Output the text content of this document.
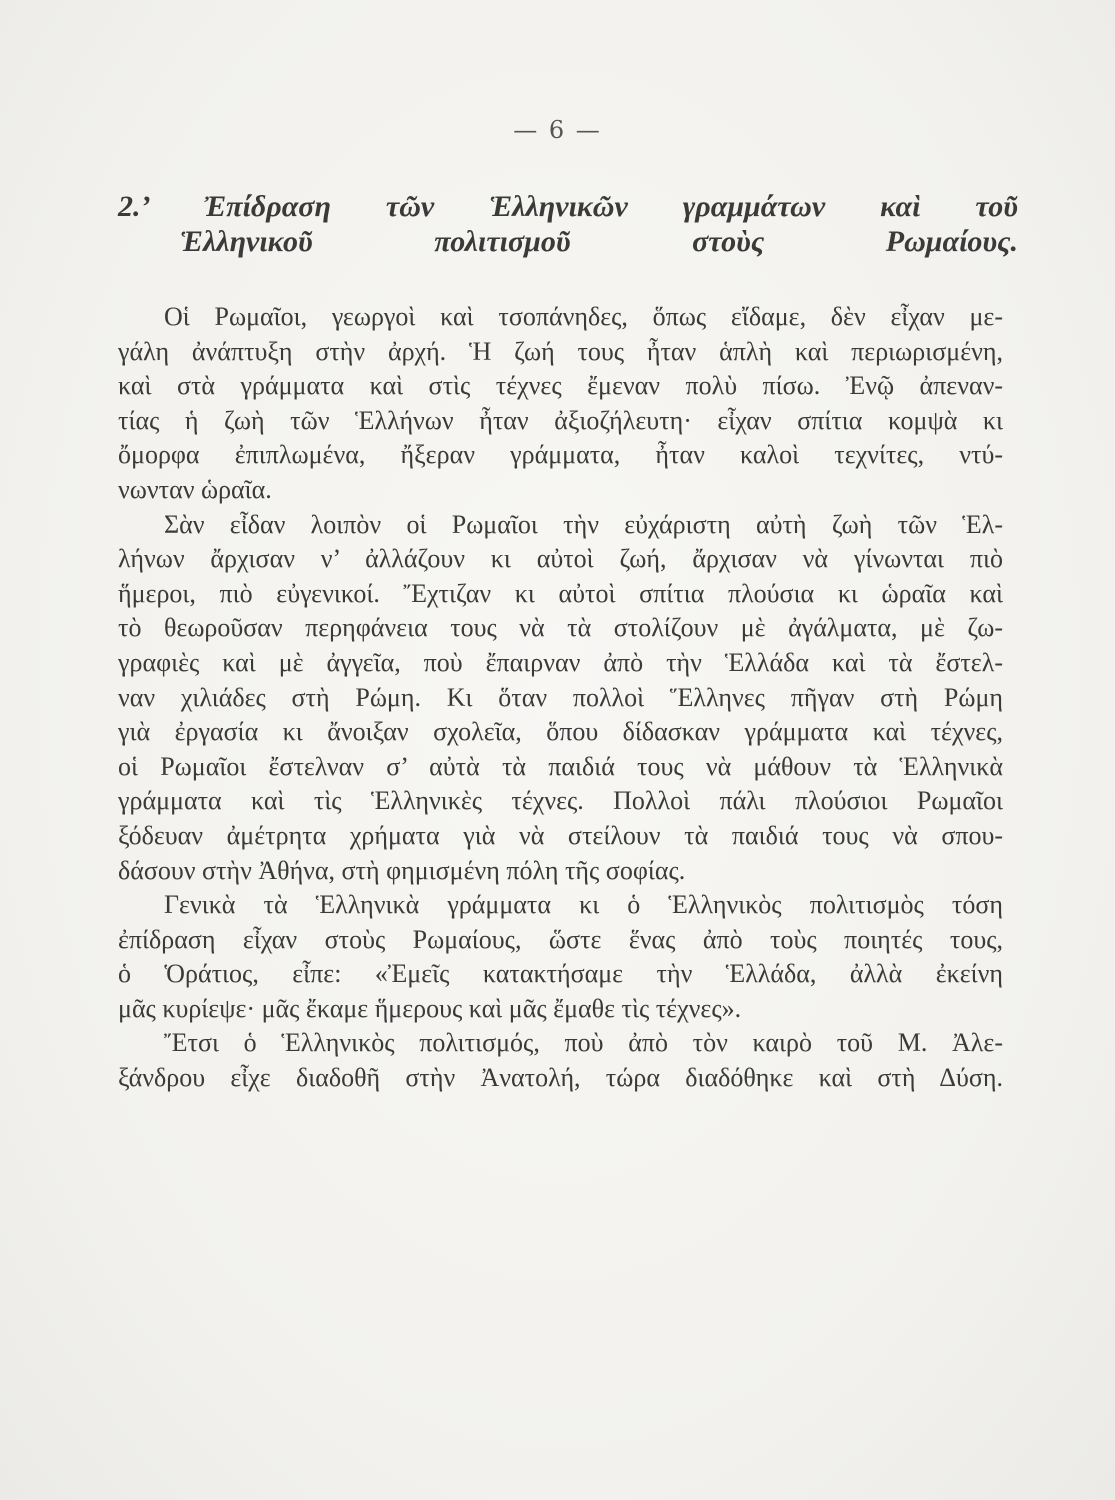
— 6 —
2.’ Ἐπίδραση τῶν Ἑλληνικῶν γραμμάτων καὶ τοῦ
Ἑλληνικοῦ πολιτισμοῦ στοὺς Ρωμαίους.
Οἱ Ρωμαῖοι, γεωργοὶ καὶ τσοπάνηδες, ὅπως εἴδαμε, δὲν εἶχαν με-
γάλη ἀνάπτυξη στὴν ἀρχή. Ἡ ζωή τους ἦταν ἁπλὴ καὶ περιωρισμένη,
καὶ στὰ γράμματα καὶ στὶς τέχνες ἔμεναν πολὺ πίσω. Ἐνῷ ἀπεναν-
τίας ἡ ζωὴ τῶν Ἑλλήνων ἦταν ἀξιοζήλευτη· εἶχαν σπίτια κομψὰ κι
ὄμορφα ἐπιπλωμένα, ἤξεραν γράμματα, ἦταν καλοὶ τεχνίτες, ντύ-
νωνταν ὡραῖα.
Σὰν εἶδαν λοιπὸν οἱ Ρωμαῖοι τὴν εὐχάριστη αὐτὴ ζωὴ τῶν Ἑλ-
λήνων ἄρχισαν ν’ ἀλλάζουν κι αὐτοὶ ζωή, ἄρχισαν νὰ γίνωνται πιὸ
ἥμεροι, πιὸ εὐγενικοί. Ἔχτιζαν κι αὐτοὶ σπίτια πλούσια κι ὡραῖα καὶ
τὸ θεωροῦσαν περηφάνεια τους νὰ τὰ στολίζουν μὲ ἀγάλματα, μὲ ζω-
γραφιὲς καὶ μὲ ἀγγεῖα, ποὺ ἔπαιρναν ἀπὸ τὴν Ἑλλάδα καὶ τὰ ἔστελ-
ναν χιλιάδες στὴ Ρώμη. Κι ὅταν πολλοὶ Ἕλληνες πῆγαν στὴ Ρώμη
γιὰ ἐργασία κι ἄνοιξαν σχολεῖα, ὅπου δίδασκαν γράμματα καὶ τέχνες,
οἱ Ρωμαῖοι ἔστελναν σ’ αὐτὰ τὰ παιδιά τους νὰ μάθουν τὰ Ἑλληνικὰ
γράμματα καὶ τὶς Ἑλληνικὲς τέχνες. Πολλοὶ πάλι πλούσιοι Ρωμαῖοι
ξόδευαν ἀμέτρητα χρήματα γιὰ νὰ στείλουν τὰ παιδιά τους νὰ σπου-
δάσουν στὴν Ἀθήνα, στὴ φημισμένη πόλη τῆς σοφίας.
Γενικὰ τὰ Ἑλληνικὰ γράμματα κι ὁ Ἑλληνικὸς πολιτισμὸς τόση
ἐπίδραση εἶχαν στοὺς Ρωμαίους, ὥστε ἕνας ἀπὸ τοὺς ποιητές τους,
ὁ Ὁράτιος, εἶπε: «Ἐμεῖς κατακτήσαμε τὴν Ἑλλάδα, ἀλλὰ ἐκείνη
μᾶς κυρίεψε· μᾶς ἔκαμε ἥμερους καὶ μᾶς ἔμαθε τὶς τέχνες».
Ἔτσι ὁ Ἑλληνικὸς πολιτισμός, ποὺ ἀπὸ τὸν καιρὸ τοῦ Μ. Ἀλε-
ξάνδρου εἶχε διαδοθῆ στὴν Ἀνατολή, τώρα διαδόθηκε καὶ στὴ Δύση.
